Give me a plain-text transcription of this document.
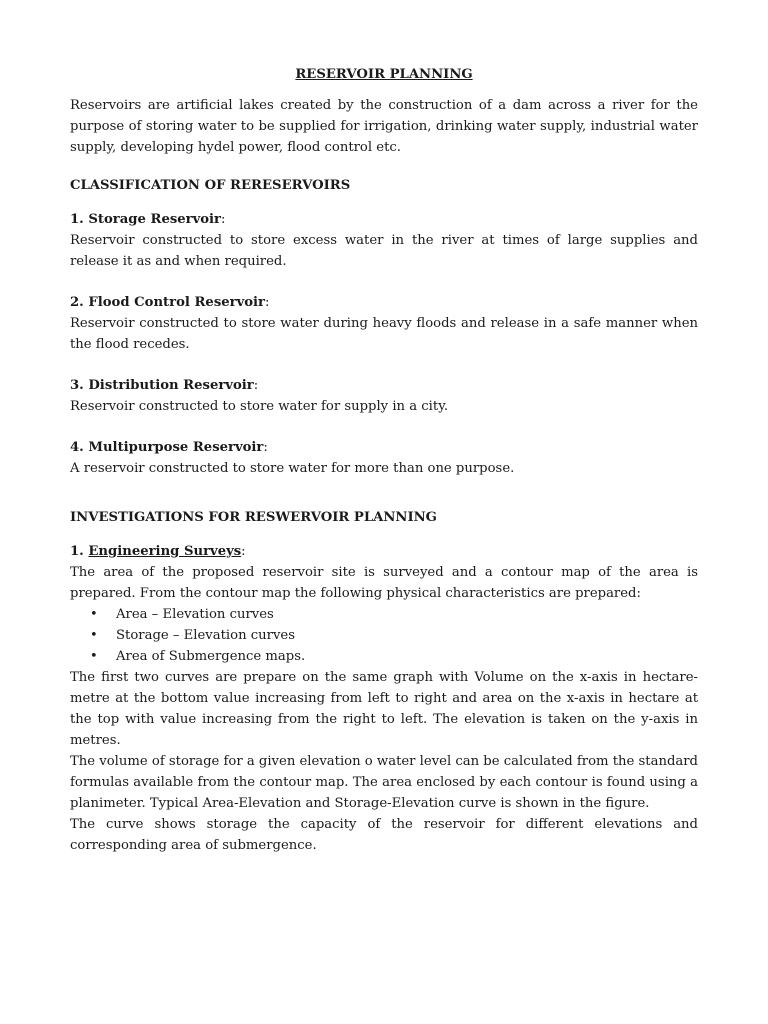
RESERVOIR PLANNING

Reservoirs are artificial lakes created by the construction of a dam across a river for the purpose of storing water to be supplied for irrigation, drinking water supply, industrial water supply, developing hydel power, flood control etc.

CLASSIFICATION OF RERESERVOIRS
1. Storage Reservoir:

Reservoir constructed to store excess water in the river at times of large supplies and release it as and when required.

2. Flood Control Reservoir:

Reservoir constructed to store water during heavy floods and release in a safe manner when the flood recedes.

3. Distribution Reservoir:

Reservoir constructed to store water for supply in a city.

4. Multipurpose Reservoir:

A reservoir constructed to store water for more than one purpose.

INVESTIGATIONS FOR RESWERVOIR PLANNING
1. Engineering Surveys:

The area of the proposed reservoir site is surveyed and a contour map of the area is prepared. From the contour map the following physical characteristics are prepared:

• Area – Elevation curves
• Storage – Elevation curves
• Area of Submergence maps.

The first two curves are prepare on the same graph with Volume on the x-axis in hectare-metre at the bottom value increasing from left to right and area on the x-axis in hectare at the top with value increasing from the right to left. The elevation is taken on the y-axis in metres.

The volume of storage for a given elevation o water level can be calculated from the standard formulas available from the contour map. The area enclosed by each contour is found using a planimeter. Typical Area-Elevation and Storage-Elevation curve is shown in the figure.

The curve shows storage the capacity of the reservoir for different elevations and corresponding area of submergence.
